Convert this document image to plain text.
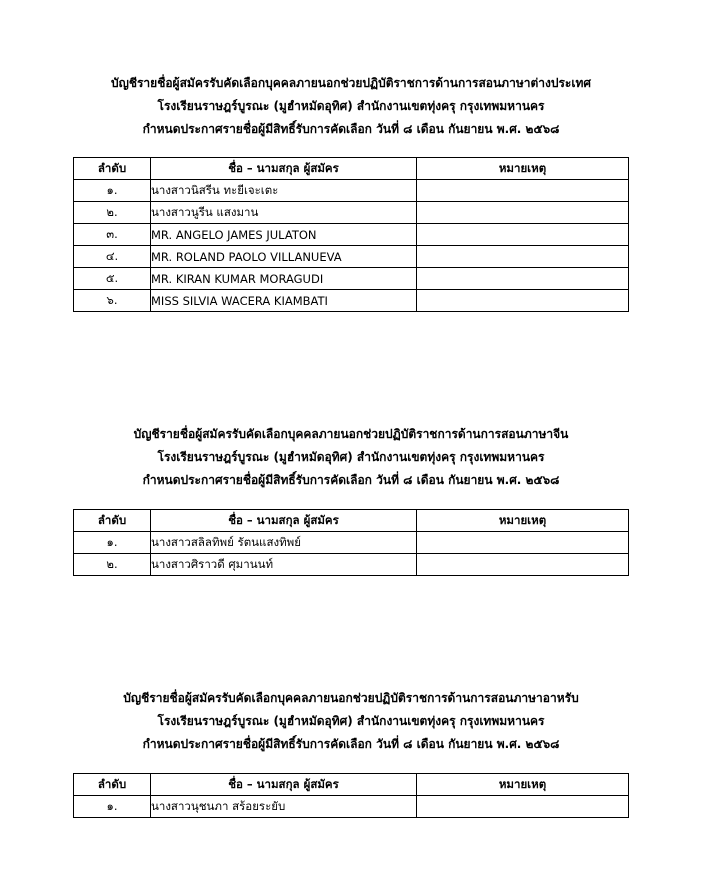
บัญชีรายชื่อผู้สมัครรับคัดเลือกบุคคลภายนอกช่วยปฏิบัติราชการด้านการสอนภาษาต่างประเทศ
โรงเรียนราษฎร์บูรณะ (มูฮำหมัดอุทิศ) สำนักงานเขตทุ่งครุ กรุงเทพมหานคร
กำหนดประกาศรายชื่อผู้มีสิทธิ์รับการคัดเลือก วันที่ ๘ เดือน กันยายน พ.ศ. ๒๕๖๘
ลำดับ	ชื่อ – นามสกุล ผู้สมัคร	หมายเหตุ
๑.	นางสาวนิสรีน ทะยีเจะเตะ	
๒.	นางสาวนูรีน แสงมาน	
๓.	MR. ANGELO JAMES JULATON	
๔.	MR. ROLAND PAOLO VILLANUEVA	
๕.	MR. KIRAN KUMAR MORAGUDI	
๖.	MISS SILVIA WACERA KIAMBATI	
บัญชีรายชื่อผู้สมัครรับคัดเลือกบุคคลภายนอกช่วยปฏิบัติราชการด้านการสอนภาษาจีน
โรงเรียนราษฎร์บูรณะ (มูฮำหมัดอุทิศ) สำนักงานเขตทุ่งครุ กรุงเทพมหานคร
กำหนดประกาศรายชื่อผู้มีสิทธิ์รับการคัดเลือก วันที่ ๘ เดือน กันยายน พ.ศ. ๒๕๖๘
ลำดับ	ชื่อ – นามสกุล ผู้สมัคร	หมายเหตุ
๑.	นางสาวสลิลทิพย์ รัตนแสงทิพย์	
๒.	นางสาวศิราวดี ศุมานนท์	
บัญชีรายชื่อผู้สมัครรับคัดเลือกบุคคลภายนอกช่วยปฏิบัติราชการด้านการสอนภาษาอาหรับ
โรงเรียนราษฎร์บูรณะ (มูฮำหมัดอุทิศ) สำนักงานเขตทุ่งครุ กรุงเทพมหานคร
กำหนดประกาศรายชื่อผู้มีสิทธิ์รับการคัดเลือก วันที่ ๘ เดือน กันยายน พ.ศ. ๒๕๖๘
ลำดับ	ชื่อ – นามสกุล ผู้สมัคร	หมายเหตุ
๑.	นางสาวนุชนภา สร้อยระยับ	
